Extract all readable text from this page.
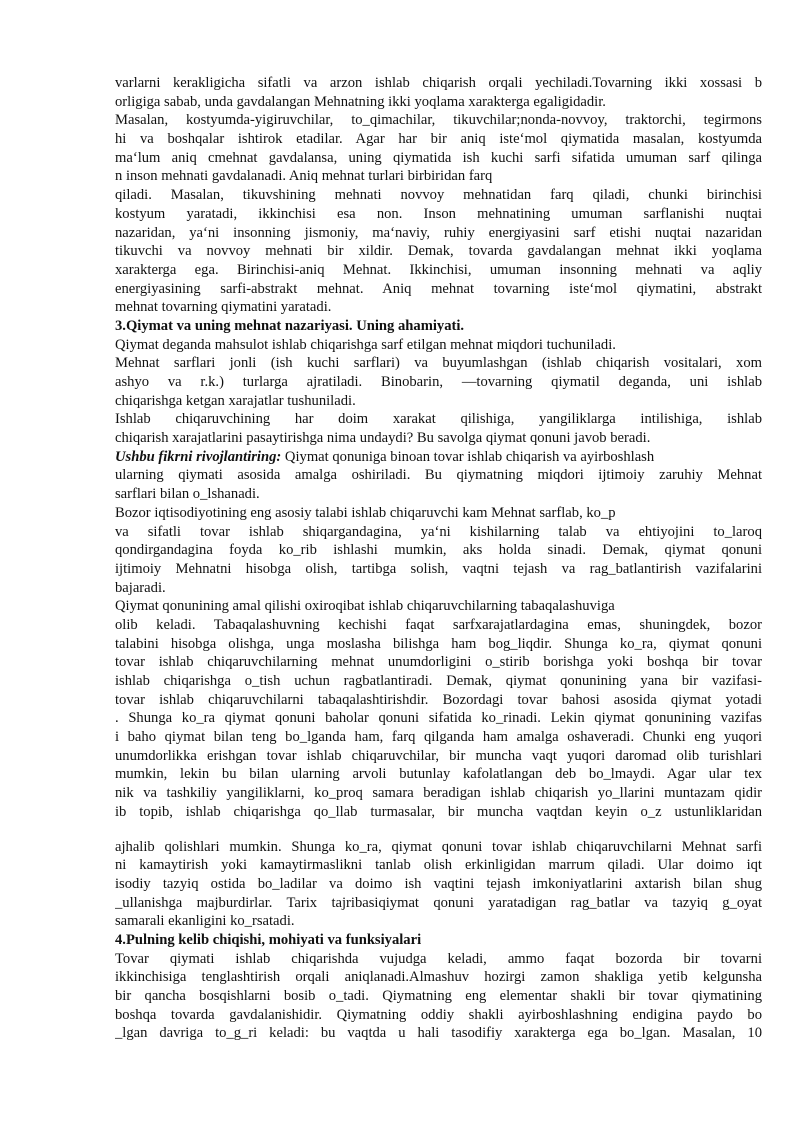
varlarni kerakligicha sifatli va arzon ishlab chiqarish orqali yechiladi.Tovarning ikki xossasi b
orligiga sabab, unda gavdalangan Mehnatning ikki yoqlama xarakterga egaligidadir.
Masalan, kostyumda-yigiruvchilar, to_qimachilar, tikuvchilar;nonda-novvoy, traktorchi, tegirmons
hi va boshqalar ishtirok etadilar. Agar har bir aniq iste‘mol qiymatida masalan, kostyumda
ma‘lum aniq cmehnat gavdalansa, uning qiymatida ish kuchi sarfi sifatida umuman sarf qilinga
n inson mehnati gavdalanadi. Aniq mehnat turlari birbiridan farq
qiladi. Masalan, tikuvshining mehnati novvoy mehnatidan farq qiladi, chunki birinchisi
kostyum yaratadi, ikkinchisi esa non. Inson mehnatining umuman sarflanishi nuqtai
nazaridan, ya‘ni insonning jismoniy, ma‘naviy, ruhiy energiyasini sarf etishi nuqtai nazaridan
tikuvchi va novvoy mehnati bir xildir. Demak, tovarda gavdalangan mehnat ikki yoqlama
xarakterga ega. Birinchisi-aniq Mehnat. Ikkinchisi, umuman insonning mehnati va aqliy
energiyasining sarfi-abstrakt mehnat. Aniq mehnat tovarning iste‘mol qiymatini, abstrakt
mehnat tovarning qiymatini yaratadi.
3.Qiymat va uning mehnat nazariyasi. Uning ahamiyati.
Qiymat deganda mahsulot ishlab chiqarishga sarf etilgan mehnat miqdori tuchuniladi.
Mehnat sarflari jonli (ish kuchi sarflari) va buyumlashgan (ishlab chiqarish vositalari, xom
ashyo va r.k.) turlarga ajratiladi. Binobarin, —tovarning qiymatil deganda, uni ishlab
chiqarishga ketgan xarajatlar tushuniladi.
Ishlab chiqaruvchining har doim xarakat qilishiga, yangiliklarga intilishiga, ishlab
chiqarish xarajatlarini pasaytirishga nima undaydi? Bu savolga qiymat qonuni javob beradi.
Ushbu fikrni rivojlantiring: Qiymat qonuniga binoan tovar ishlab chiqarish va ayirboshlash
ularning qiymati asosida amalga oshiriladi. Bu qiymatning miqdori ijtimoiy zaruhiy Mehnat
sarflari bilan o_lshanadi.
Bozor iqtisodiyotining eng asosiy talabi ishlab chiqaruvchi kam Mehnat sarflab, ko_p
va sifatli tovar ishlab shiqargandagina, ya‘ni kishilarning talab va ehtiyojini to_laroq
qondirgandagina foyda ko_rib ishlashi mumkin, aks holda sinadi. Demak, qiymat qonuni
ijtimoiy Mehnatni hisobga olish, tartibga solish, vaqtni tejash va rag_batlantirish vazifalarini
bajaradi.
Qiymat qonunining amal qilishi oxiroqibat ishlab chiqaruvchilarning tabaqalashuviga
olib keladi. Tabaqalashuvning kechishi faqat sarfxarajatlardagina emas, shuningdek, bozor
talabini hisobga olishga, unga moslasha bilishga ham bog_liqdir. Shunga ko_ra, qiymat qonuni
tovar ishlab chiqaruvchilarning mehnat unumdorligini o_stirib borishga yoki boshqa bir tovar
ishlab chiqarishga o_tish uchun ragbatlantiradi. Demak, qiymat qonunining yana bir vazifasi-
tovar ishlab chiqaruvchilarni tabaqalashtirishdir. Bozordagi tovar bahosi asosida qiymat yotadi
. Shunga ko_ra qiymat qonuni baholar qonuni sifatida ko_rinadi. Lekin qiymat qonunining vazifas
i baho qiymat bilan teng bo_lganda ham, farq qilganda ham amalga oshaveradi. Chunki eng yuqori
unumdorlikka erishgan tovar ishlab chiqaruvchilar, bir muncha vaqt yuqori daromad olib turishlari
mumkin, lekin bu bilan ularning arvoli butunlay kafolatlangan deb bo_lmaydi. Agar ular tex
nik va tashkiliy yangiliklarni, ko_proq samara beradigan ishlab chiqarish yo_llarini muntazam qidir
ib topib, ishlab chiqarishga qo_llab turmasalar, bir muncha vaqtdan keyin o_z ustunliklaridan
ajhalib qolishlari mumkin. Shunga ko_ra, qiymat qonuni tovar ishlab chiqaruvchilarni Mehnat sarfi
ni kamaytirish yoki kamaytirmaslikni tanlab olish erkinligidan marrum qiladi. Ular doimo iqt
isodiy tazyiq ostida bo_ladilar va doimo ish vaqtini tejash imkoniyatlarini axtarish bilan shug
_ullanishga majburdirlar. Tarix tajribasiqiymat qonuni yaratadigan rag_batlar va tazyiq g_oyat
samarali ekanligini ko_rsatadi.
4.Pulning kelib chiqishi, mohiyati va funksiyalari
Tovar qiymati ishlab chiqarishda vujudga keladi, ammo faqat bozorda bir tovarni
ikkinchisiga tenglashtirish orqali aniqlanadi.Almashuv hozirgi zamon shakliga yetib kelgunsha
bir qancha bosqishlarni bosib o_tadi. Qiymatning eng elementar shakli bir tovar qiymatining
boshqa tovarda gavdalanishidir. Qiymatning oddiy shakli ayirboshlashning endigina paydo bo
_lgan davriga to_g_ri keladi: bu vaqtda u hali tasodifiy xarakterga ega bo_lgan. Masalan, 10
